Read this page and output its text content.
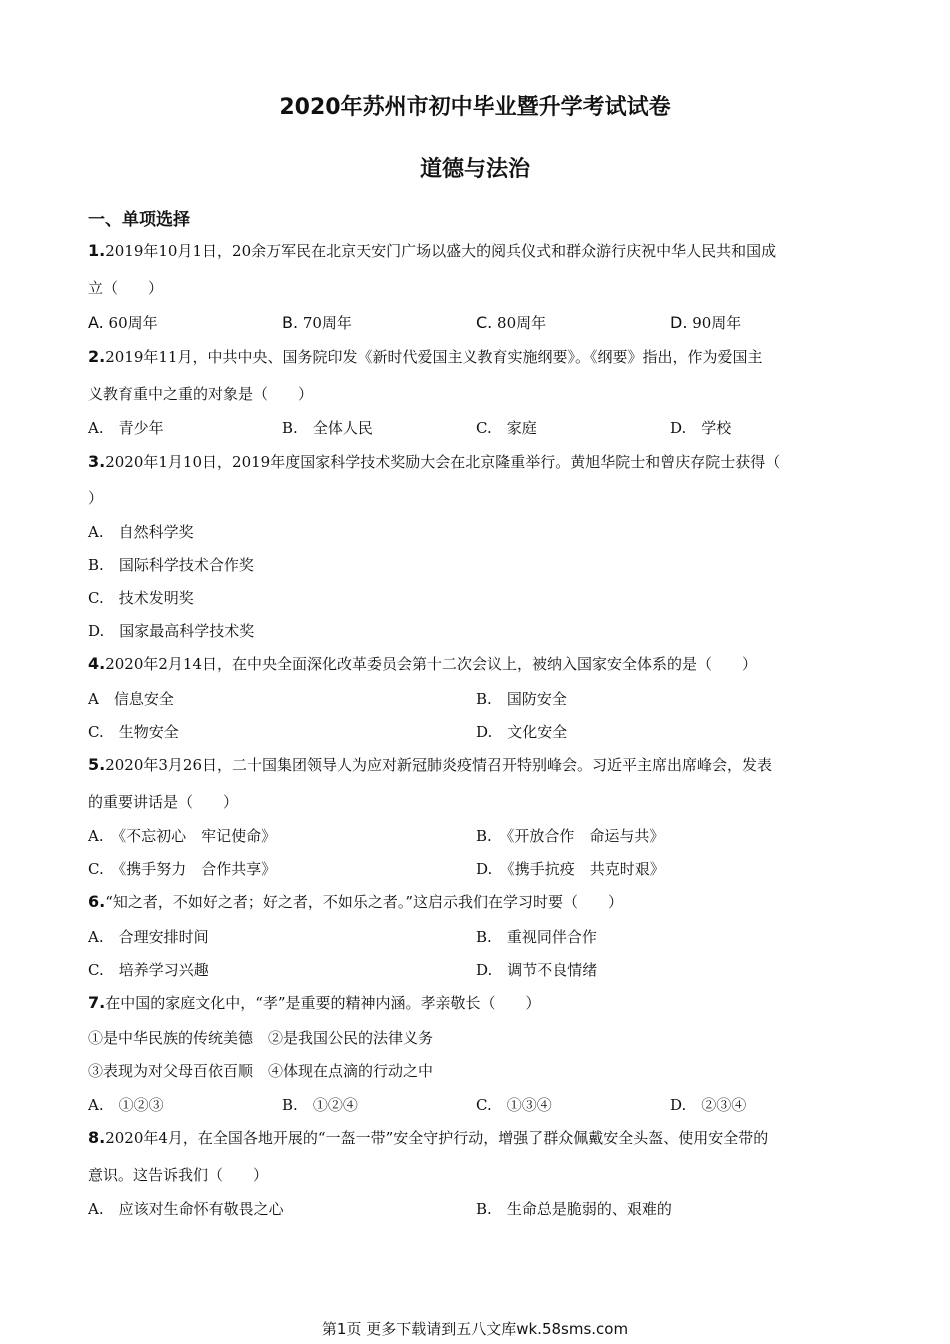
2020年苏州市初中毕业暨升学考试试卷
道德与法治
一、单项选择
1.2019年10月1日，20余万军民在北京天安门广场以盛大的阅兵仪式和群众游行庆祝中华人民共和国成
立（　　）
A. 60周年	B. 70周年	C. 80周年	D. 90周年
2.2019年11月，中共中央、国务院印发《新时代爱国主义教育实施纲要》。《纲要》指出，作为爱国主
义教育重中之重的对象是（　　）
A.　 青少年	B.　 全体人民	C.　 家庭	D.　 学校
3.2020年1月10日，2019年度国家科学技术奖励大会在北京隆重举行。黄旭华院士和曾庆存院士获得（
）
A.　 自然科学奖
B.　 国际科学技术合作奖
C.　 技术发明奖
D.　 国家最高科学技术奖
4.2020年2月14日，在中央全面深化改革委员会第十二次会议上，被纳入国家安全体系的是（　　）
A　 信息安全	B.　 国防安全
C.　 生物安全	D.　 文化安全
5.2020年3月26日，二十国集团领导人为应对新冠肺炎疫情召开特别峰会。习近平主席出席峰会，发表
的重要讲话是（　　）
A.　 《不忘初心　牢记使命》	B.　 《开放合作　命运与共》
C.　 《携手努力　合作共享》	D.　 《携手抗疫　共克时艰》
6.“知之者，不如好之者；好之者，不如乐之者。”这启示我们在学习时要（　　）
A.　 合理安排时间	B.　 重视同伴合作
C.　 培养学习兴趣	D.　 调节不良情绪
7.在中国的家庭文化中，“孝”是重要的精神内涵。孝亲敬长（　　）
①是中华民族的传统美德　②是我国公民的法律义务
③表现为对父母百依百顺　④体现在点滴的行动之中
A.　 ①②③	B.　 ①②④	C.　 ①③④	D.　 ②③④
8.2020年4月，在全国各地开展的“一盔一带”安全守护行动，增强了群众佩戴安全头盔、使用安全带的
意识。这告诉我们（　　）
A.　 应该对生命怀有敬畏之心	B.　 生命总是脆弱的、艰难的
第1页 更多下载请到五八文库wk.58sms.com
